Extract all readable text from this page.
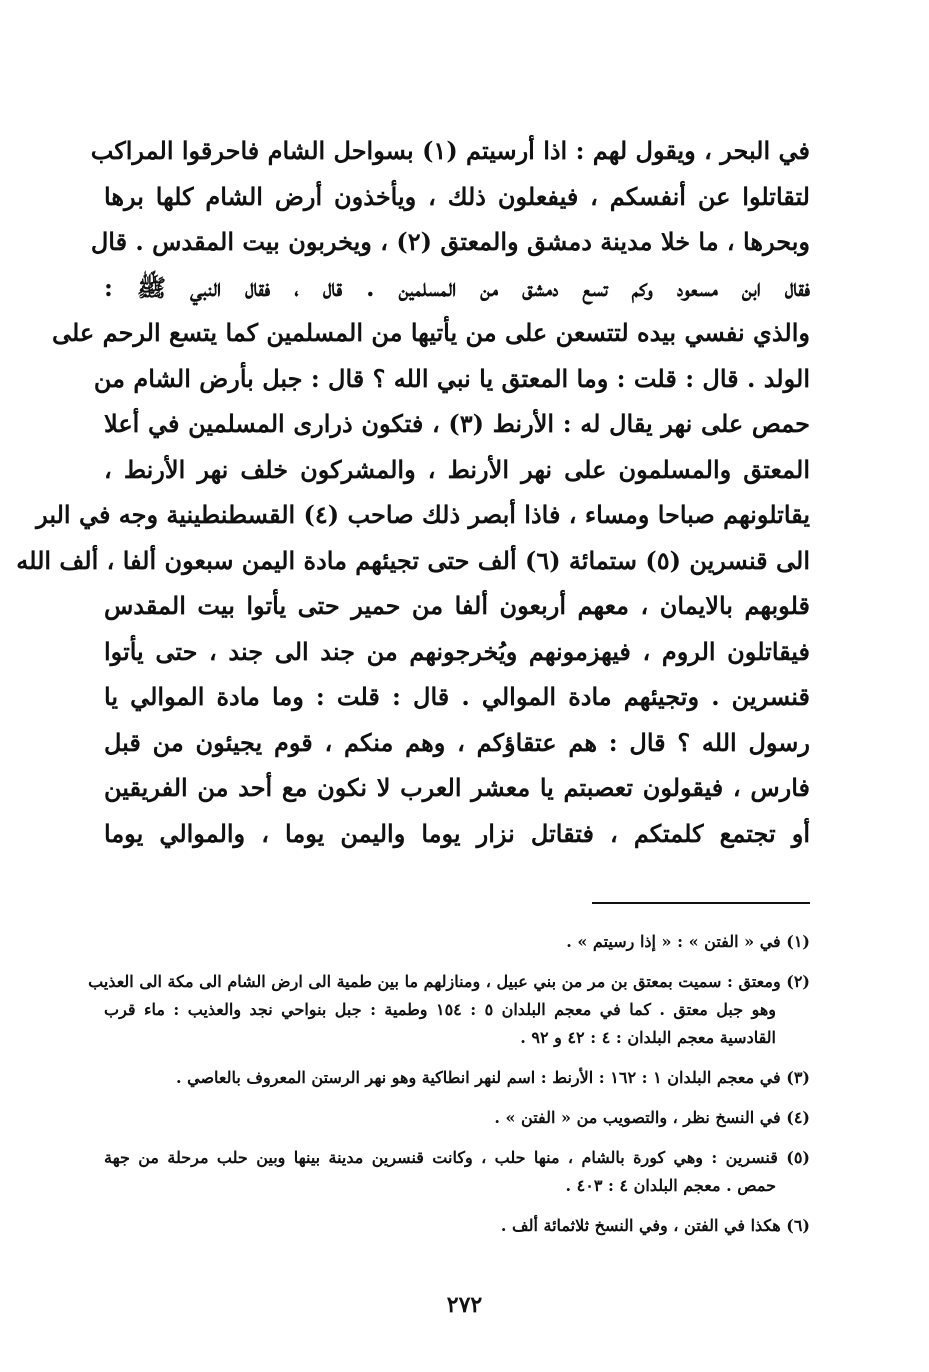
في البحر ، ويقول لهم : اذا أرسيتم (١) بسواحل الشام فاحرقوا المراكب
لتقاتلوا عن أنفسكم ، فيفعلون ذلك ، ويأخذون أرض الشام كلها برها
وبحرها ، ما خلا مدينة دمشق والمعتق (٢) ، ويخربون بيت المقدس . قال
فقال ابن مسعود وكم تسع دمشق من المسلمين . قال ، فقال النبي ﷺ :
والذي نفسي بيده لتتسعن على من يأتيها من المسلمين كما يتسع الرحم على
الولد . قال : قلت : وما المعتق يا نبي الله ؟ قال : جبل بأرض الشام من
حمص على نهر يقال له : الأرنط (٣) ، فتكون ذرارى المسلمين في أعلا
المعتق والمسلمون على نهر الأرنط ، والمشركون خلف نهر الأرنط ،
يقاتلونهم صباحا ومساء ، فاذا أبصر ذلك صاحب (٤) القسطنطينية وجه في البر
الى قنسرين (٥) ستمائة (٦) ألف حتى تجيئهم مادة اليمن سبعون ألفا ، ألف الله
قلوبهم بالايمان ، معهم أربعون ألفا من حمير حتى يأتوا بيت المقدس
فيقاتلون الروم ، فيهزمونهم ويُخرجونهم من جند الى جند ، حتى يأتوا
قنسرين . وتجيئهم مادة الموالي . قال : قلت : وما مادة الموالي يا
رسول الله ؟ قال : هم عتقاؤكم ، وهم منكم ، قوم يجيئون من قبل
فارس ، فيقولون تعصبتم يا معشر العرب لا نكون مع أحد من الفريقين
أو تجتمع كلمتكم ، فتقاتل نزار يوما واليمن يوما ، والموالي يوما
(١) في « الفتن » : « إذا رسيتم » .
(٢) ومعتق : سميت بمعتق بن مر من بني عبيل ، ومنازلهم ما بين طمية الى ارض الشام الى مكة الى العذيب
وهو جبل معتق . كما في معجم البلدان ٥ : ١٥٤ وطمية : جبل بنواحي نجد والعذيب : ماء قرب
القادسية معجم البلدان : ٤ : ٤٢ و ٩٢ .
(٣) في معجم البلدان ١ : ١٦٢ : الأرنط : اسم لنهر انطاكية وهو نهر الرستن المعروف بالعاصي .
(٤) في النسخ نظر ، والتصويب من « الفتن » .
(٥) قنسرين : وهي كورة بالشام ، منها حلب ، وكانت قنسرين مدينة بينها وبين حلب مرحلة من جهة
حمص . معجم البلدان ٤ : ٤٠٣ .
(٦) هكذا في الفتن ، وفي النسخ ثلاثمائة ألف .
٢٧٢
